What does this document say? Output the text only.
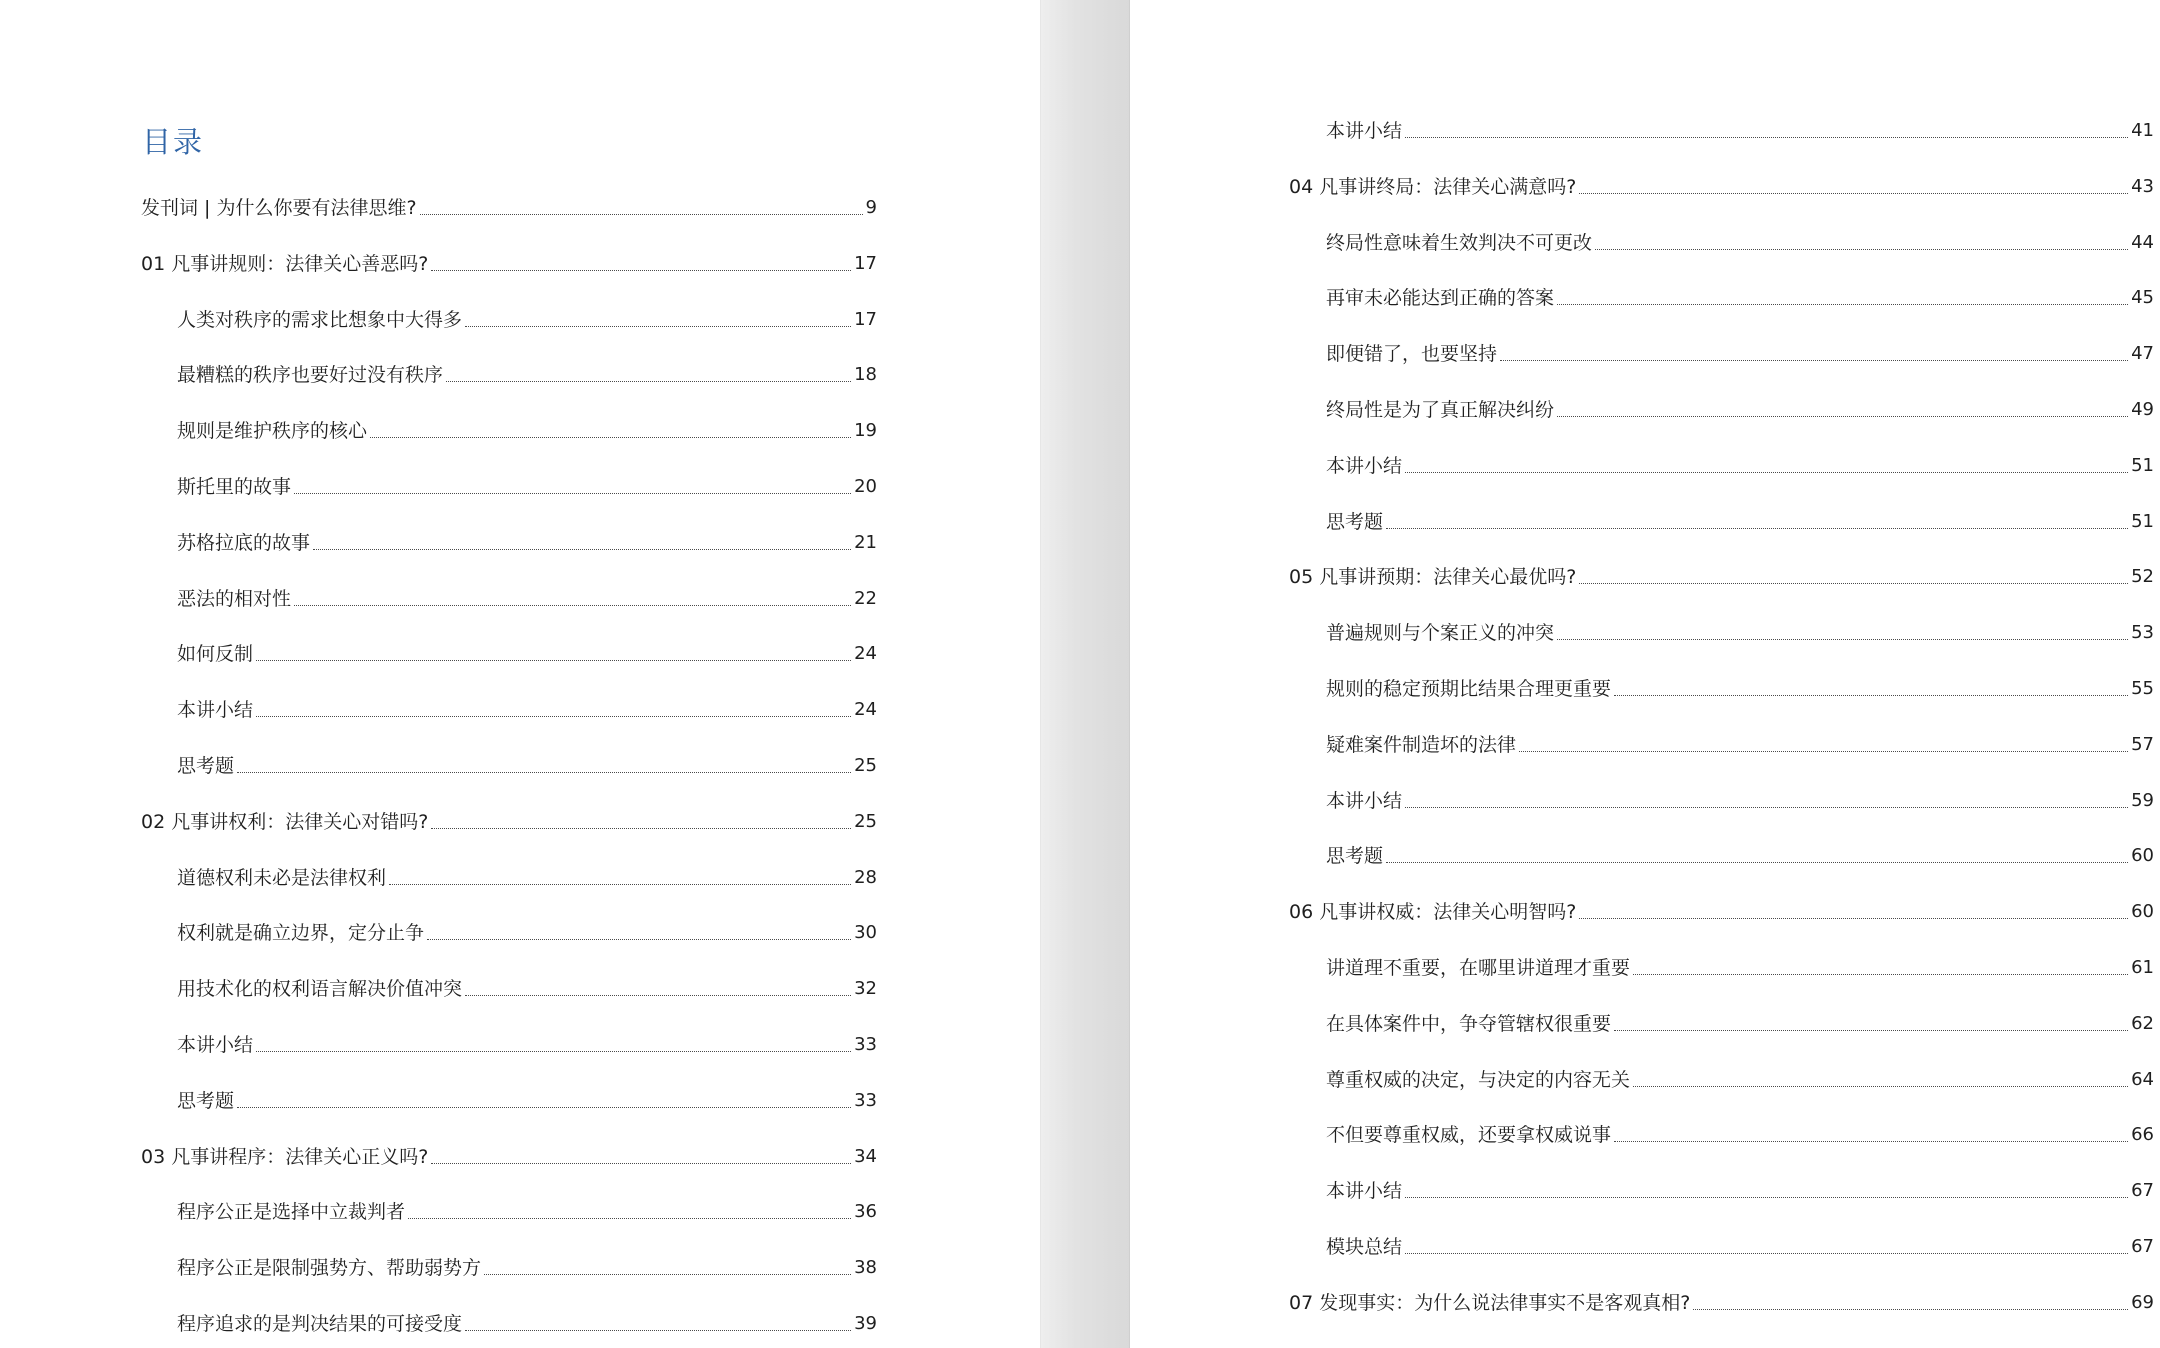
目录
发刊词 | 为什么你要有法律思维?	9
01 凡事讲规则：法律关心善恶吗?	17
人类对秩序的需求比想象中大得多	17
最糟糕的秩序也要好过没有秩序	18
规则是维护秩序的核心	19
斯托里的故事	20
苏格拉底的故事	21
恶法的相对性	22
如何反制	24
本讲小结	24
思考题	25
02 凡事讲权利：法律关心对错吗?	25
道德权利未必是法律权利	28
权利就是确立边界，定分止争	30
用技术化的权利语言解决价值冲突	32
本讲小结	33
思考题	33
03 凡事讲程序：法律关心正义吗?	34
程序公正是选择中立裁判者	36
程序公正是限制强势方、帮助弱势方	38
程序追求的是判决结果的可接受度	39
本讲小结	41
04 凡事讲终局：法律关心满意吗?	43
终局性意味着生效判决不可更改	44
再审未必能达到正确的答案	45
即便错了，也要坚持	47
终局性是为了真正解决纠纷	49
本讲小结	51
思考题	51
05 凡事讲预期：法律关心最优吗?	52
普遍规则与个案正义的冲突	53
规则的稳定预期比结果合理更重要	55
疑难案件制造坏的法律	57
本讲小结	59
思考题	60
06 凡事讲权威：法律关心明智吗?	60
讲道理不重要，在哪里讲道理才重要	61
在具体案件中，争夺管辖权很重要	62
尊重权威的决定，与决定的内容无关	64
不但要尊重权威，还要拿权威说事	66
本讲小结	67
模块总结	67
07 发现事实：为什么说法律事实不是客观真相?	69
